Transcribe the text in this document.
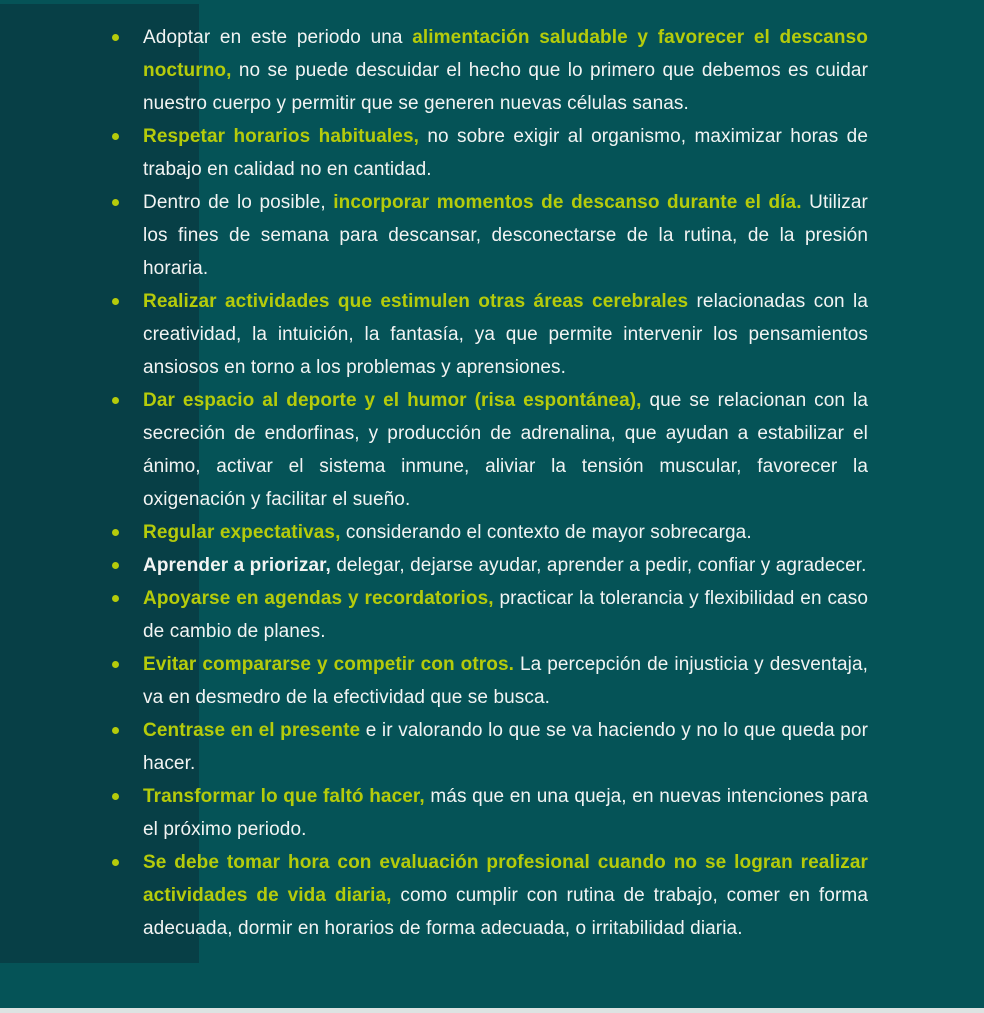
Adoptar en este periodo una alimentación saludable y favorecer el descanso nocturno, no se puede descuidar el hecho que lo primero que debemos es cuidar nuestro cuerpo y permitir que se generen nuevas células sanas.
Respetar horarios habituales, no sobre exigir al organismo, maximizar horas de trabajo en calidad no en cantidad.
Dentro de lo posible, incorporar momentos de descanso durante el día. Utilizar los fines de semana para descansar, desconectarse de la rutina, de la presión horaria.
Realizar actividades que estimulen otras áreas cerebrales relacionadas con la creatividad, la intuición, la fantasía, ya que permite intervenir los pensamientos ansiosos en torno a los problemas y aprensiones.
Dar espacio al deporte y el humor (risa espontánea), que se relacionan con la secreción de endorfinas, y producción de adrenalina, que ayudan a estabilizar el ánimo, activar el sistema inmune, aliviar la tensión muscular, favorecer la oxigenación y facilitar el sueño.
Regular expectativas, considerando el contexto de mayor sobrecarga.
Aprender a priorizar, delegar, dejarse ayudar, aprender a pedir, confiar y agradecer.
Apoyarse en agendas y recordatorios, practicar la tolerancia y flexibilidad en caso de cambio de planes.
Evitar compararse y competir con otros. La percepción de injusticia y desventaja, va en desmedro de la efectividad que se busca.
Centrase en el presente e ir valorando lo que se va haciendo y no lo que queda por hacer.
Transformar lo que faltó hacer, más que en una queja, en nuevas intenciones para el próximo periodo.
Se debe tomar hora con evaluación profesional cuando no se logran realizar actividades de vida diaria, como cumplir con rutina de trabajo, comer en forma adecuada, dormir en horarios de forma adecuada, o irritabilidad diaria.
